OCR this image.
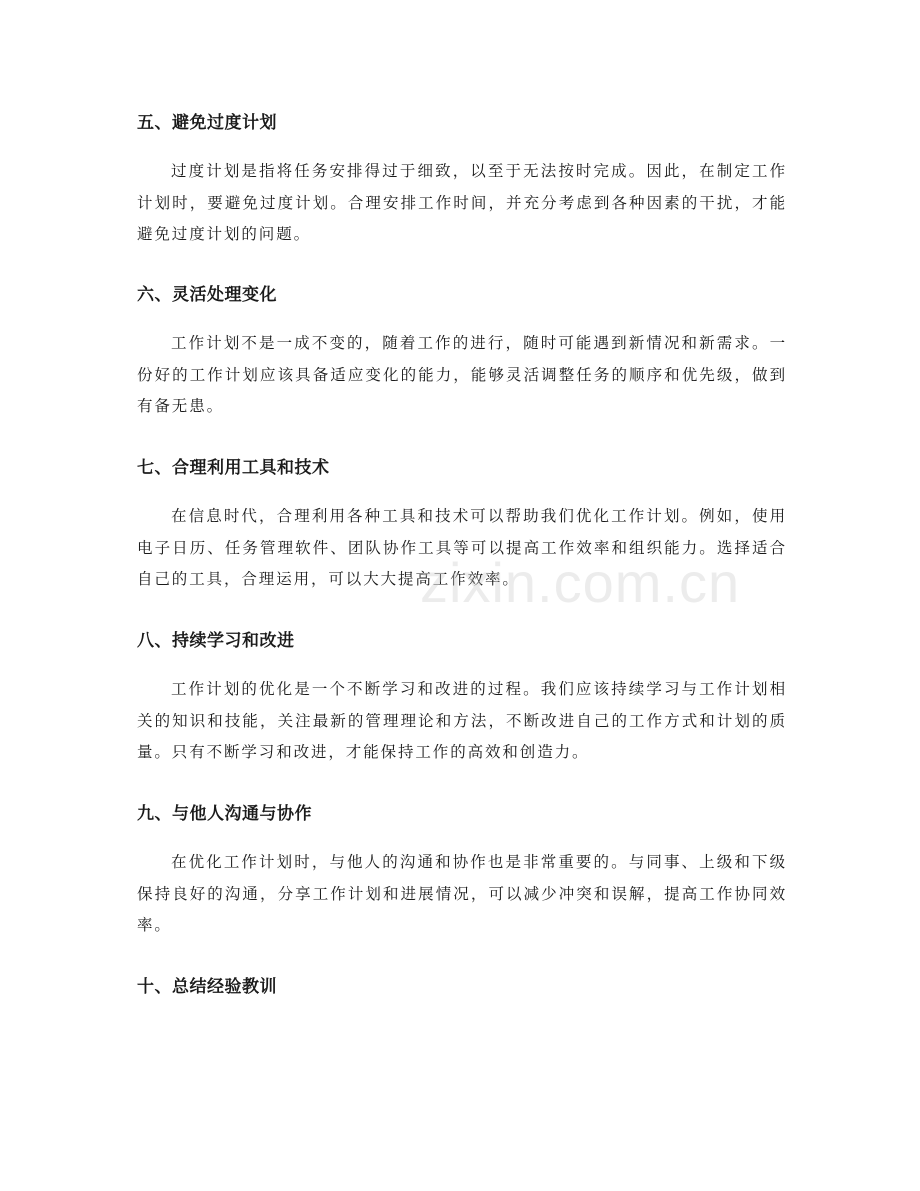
五、避免过度计划

过度计划是指将任务安排得过于细致，以至于无法按时完成。因此，在制定工作计划时，要避免过度计划。合理安排工作时间，并充分考虑到各种因素的干扰，才能避免过度计划的问题。

六、灵活处理变化

工作计划不是一成不变的，随着工作的进行，随时可能遇到新情况和新需求。一份好的工作计划应该具备适应变化的能力，能够灵活调整任务的顺序和优先级，做到有备无患。

七、合理利用工具和技术

在信息时代，合理利用各种工具和技术可以帮助我们优化工作计划。例如，使用电子日历、任务管理软件、团队协作工具等可以提高工作效率和组织能力。选择适合自己的工具，合理运用，可以大大提高工作效率。

八、持续学习和改进

工作计划的优化是一个不断学习和改进的过程。我们应该持续学习与工作计划相关的知识和技能，关注最新的管理理论和方法，不断改进自己的工作方式和计划的质量。只有不断学习和改进，才能保持工作的高效和创造力。

九、与他人沟通与协作

在优化工作计划时，与他人的沟通和协作也是非常重要的。与同事、上级和下级保持良好的沟通，分享工作计划和进展情况，可以减少冲突和误解，提高工作协同效率。

十、总结经验教训
zixin.com.cn
